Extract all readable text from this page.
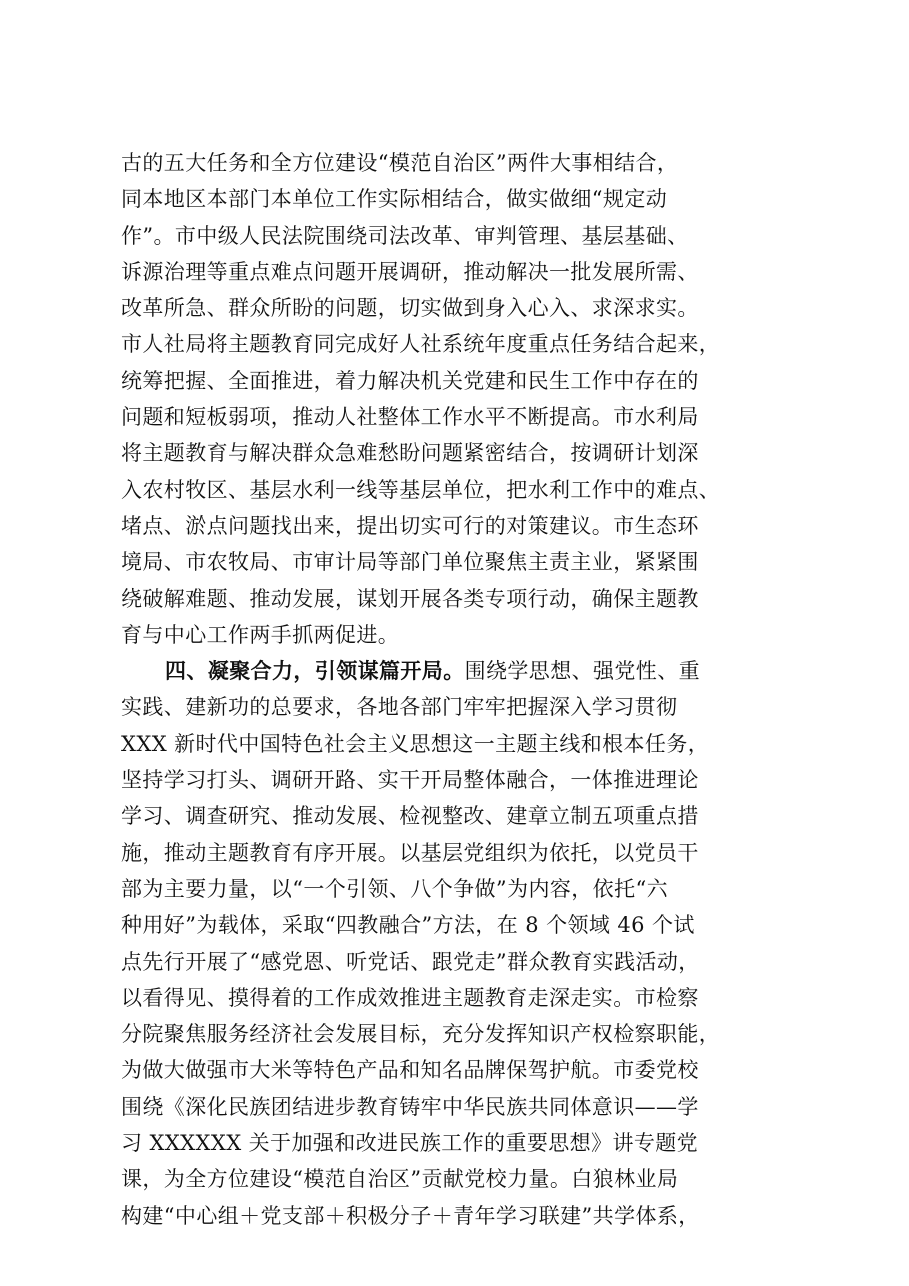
古的五大任务和全方位建设“模范自治区”两件大事相结合，
同本地区本部门本单位工作实际相结合，做实做细“规定动
作”。市中级人民法院围绕司法改革、审判管理、基层基础、
诉源治理等重点难点问题开展调研，推动解决一批发展所需、
改革所急、群众所盼的问题，切实做到身入心入、求深求实。
市人社局将主题教育同完成好人社系统年度重点任务结合起来，
统筹把握、全面推进，着力解决机关党建和民生工作中存在的
问题和短板弱项，推动人社整体工作水平不断提高。市水利局
将主题教育与解决群众急难愁盼问题紧密结合，按调研计划深
入农村牧区、基层水利一线等基层单位，把水利工作中的难点、
堵点、淤点问题找出来，提出切实可行的对策建议。市生态环
境局、市农牧局、市审计局等部门单位聚焦主责主业，紧紧围
绕破解难题、推动发展，谋划开展各类专项行动，确保主题教
育与中心工作两手抓两促进。
四、凝聚合力，引领谋篇开局。围绕学思想、强党性、重
实践、建新功的总要求，各地各部门牢牢把握深入学习贯彻
XXX 新时代中国特色社会主义思想这一主题主线和根本任务，
坚持学习打头、调研开路、实干开局整体融合，一体推进理论
学习、调查研究、推动发展、检视整改、建章立制五项重点措
施，推动主题教育有序开展。以基层党组织为依托，以党员干
部为主要力量，以“一个引领、八个争做”为内容，依托“六
种用好”为载体，采取“四教融合”方法，在 8 个领域 46 个试
点先行开展了“感党恩、听党话、跟党走”群众教育实践活动，
以看得见、摸得着的工作成效推进主题教育走深走实。市检察
分院聚焦服务经济社会发展目标，充分发挥知识产权检察职能，
为做大做强市大米等特色产品和知名品牌保驾护航。市委党校
围绕《深化民族团结进步教育铸牢中华民族共同体意识——学
习 XXXXXX 关于加强和改进民族工作的重要思想》讲专题党
课，为全方位建设“模范自治区”贡献党校力量。白狼林业局
构建“中心组＋党支部＋积极分子＋青年学习联建”共学体系，
